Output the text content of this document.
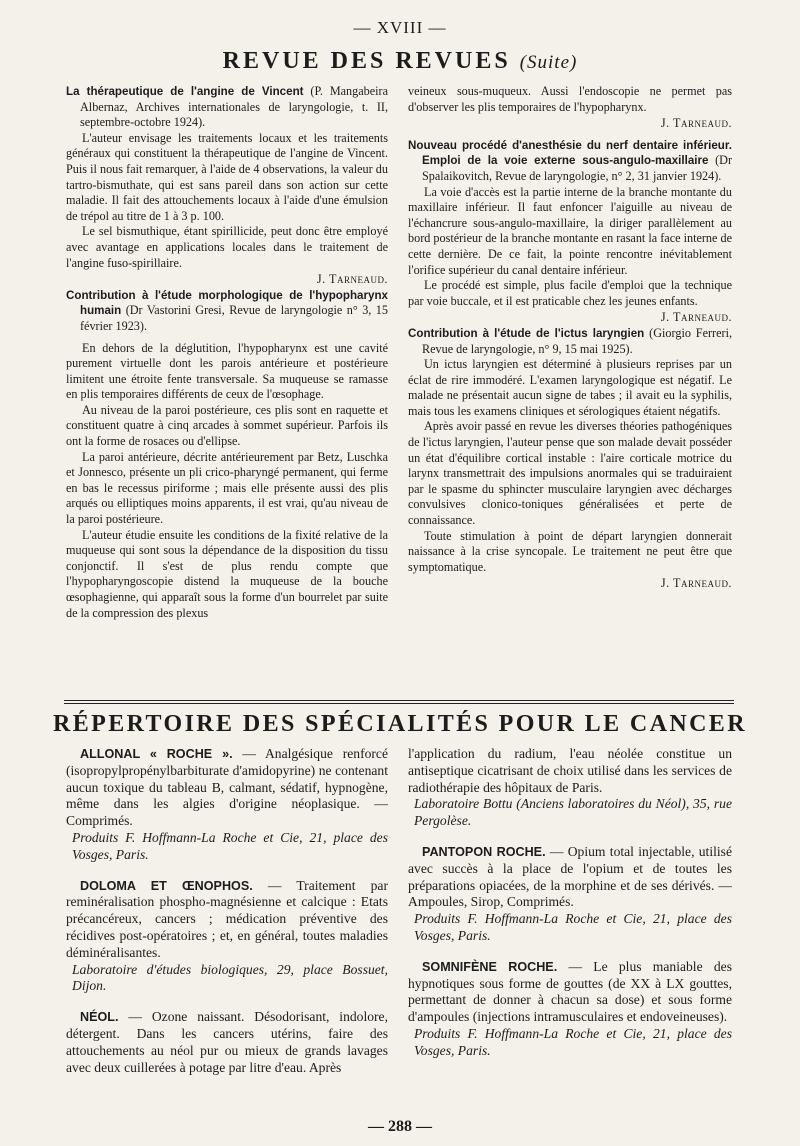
— XVIII —
REVUE DES REVUES (Suite)

La thérapeutique de l'angine de Vincent (P. Mangabeira Albernaz, Archives internationales de laryngologie, t. II, septembre-octobre 1924).

L'auteur envisage les traitements locaux et les traitements généraux qui constituent la thérapeutique de l'angine de Vincent. Puis il nous fait remarquer, à l'aide de 4 observations, la valeur du tartro-bismuthate, qui est sans pareil dans son action sur cette maladie. Il fait des attouchements locaux à l'aide d'une émulsion de trépol au titre de 1 à 3 p. 100.

Le sel bismuthique, étant spirillicide, peut donc être employé avec avantage en applications locales dans le traitement de l'angine fuso-spirillaire.

J. Tarneaud.

Contribution à l'étude morphologique de l'hypopharynx humain (Dr Vastorini Gresi, Revue de laryngologie n° 3, 15 février 1923).

En dehors de la déglutition, l'hypopharynx est une cavité purement virtuelle dont les parois antérieure et postérieure limitent une étroite fente transversale. Sa muqueuse se ramasse en plis temporaires différents de ceux de l'œsophage.

Au niveau de la paroi postérieure, ces plis sont en raquette et constituent quatre à cinq arcades à sommet supérieur. Parfois ils ont la forme de rosaces ou d'ellipse.

La paroi antérieure, décrite antérieurement par Betz, Luschka et Jonnesco, présente un pli crico-pharyngé permanent, qui ferme en bas le recessus piriforme ; mais elle présente aussi des plis arqués ou elliptiques moins apparents, il est vrai, qu'au niveau de la paroi postérieure.

L'auteur étudie ensuite les conditions de la fixité relative de la muqueuse qui sont sous la dépendance de la disposition du tissu conjonctif. Il s'est de plus rendu compte que l'hypopharyngoscopie distend la muqueuse de la bouche œsophagienne, qui apparaît sous la forme d'un bourrelet par suite de la compression des plexus

veineux sous-muqueux. Aussi l'endoscopie ne permet pas d'observer les plis temporaires de l'hypopharynx.

J. Tarneaud.

Nouveau procédé d'anesthésie du nerf dentaire inférieur. Emploi de la voie externe sous-angulo-maxillaire (Dr Spalaikovitch, Revue de laryngologie, n° 2, 31 janvier 1924).

La voie d'accès est la partie interne de la branche montante du maxillaire inférieur. Il faut enfoncer l'aiguille au niveau de l'échancrure sous-angulo-maxillaire, la diriger parallèlement au bord postérieur de la branche montante en rasant la face interne de cette dernière. De ce fait, la pointe rencontre inévitablement l'orifice supérieur du canal dentaire inférieur.

Le procédé est simple, plus facile d'emploi que la technique par voie buccale, et il est praticable chez les jeunes enfants.

J. Tarneaud.

Contribution à l'étude de l'ictus laryngien (Giorgio Ferreri, Revue de laryngologie, n° 9, 15 mai 1925).

Un ictus laryngien est déterminé à plusieurs reprises par un éclat de rire immodéré. L'examen laryngologique est négatif. Le malade ne présentait aucun signe de tabes ; il avait eu la syphilis, mais tous les examens cliniques et sérologiques étaient négatifs.

Après avoir passé en revue les diverses théories pathogéniques de l'ictus laryngien, l'auteur pense que son malade devait posséder un état d'équilibre cortical instable : l'aire corticale motrice du larynx transmettrait des impulsions anormales qui se traduiraient par le spasme du sphincter musculaire laryngien avec décharges convulsives clonico-toniques généralisées et perte de connaissance.

Toute stimulation à point de départ laryngien donnerait naissance à la crise syncopale. Le traitement ne peut être que symptomatique.

J. Tarneaud.

RÉPERTOIRE DES SPÉCIALITÉS POUR LE CANCER

ALLONAL « ROCHE ». — Analgésique renforcé (isopropylpropénylbarbiturate d'amidopyrine) ne contenant aucun toxique du tableau B, calmant, sédatif, hypnogène, même dans les algies d'origine néoplasique. — Comprimés.

Produits F. Hoffmann-La Roche et Cie, 21, place des Vosges, Paris.

DOLOMA ET ŒNOPHOS. — Traitement par reminéralisation phospho-magnésienne et calcique : Etats précancéreux, cancers ; médication préventive des récidives post-opératoires ; et, en général, toutes maladies déminéralisantes.

Laboratoire d'études biologiques, 29, place Bossuet, Dijon.

NÉOL. — Ozone naissant. Désodorisant, indolore, détergent. Dans les cancers utérins, faire des attouchements au néol pur ou mieux de grands lavages avec deux cuillerées à potage par litre d'eau. Après

l'application du radium, l'eau néolée constitue un antiseptique cicatrisant de choix utilisé dans les services de radiothérapie des hôpitaux de Paris.

Laboratoire Bottu (Anciens laboratoires du Néol), 35, rue Pergolèse.

PANTOPON ROCHE. — Opium total injectable, utilisé avec succès à la place de l'opium et de toutes les préparations opiacées, de la morphine et de ses dérivés. — Ampoules, Sirop, Comprimés.

Produits F. Hoffmann-La Roche et Cie, 21, place des Vosges, Paris.

SOMNIFÈNE ROCHE. — Le plus maniable des hypnotiques sous forme de gouttes (de XX à LX gouttes, permettant de donner à chacun sa dose) et sous forme d'ampoules (injections intramusculaires et endoveineuses).

Produits F. Hoffmann-La Roche et Cie, 21, place des Vosges, Paris.

— 288 —
